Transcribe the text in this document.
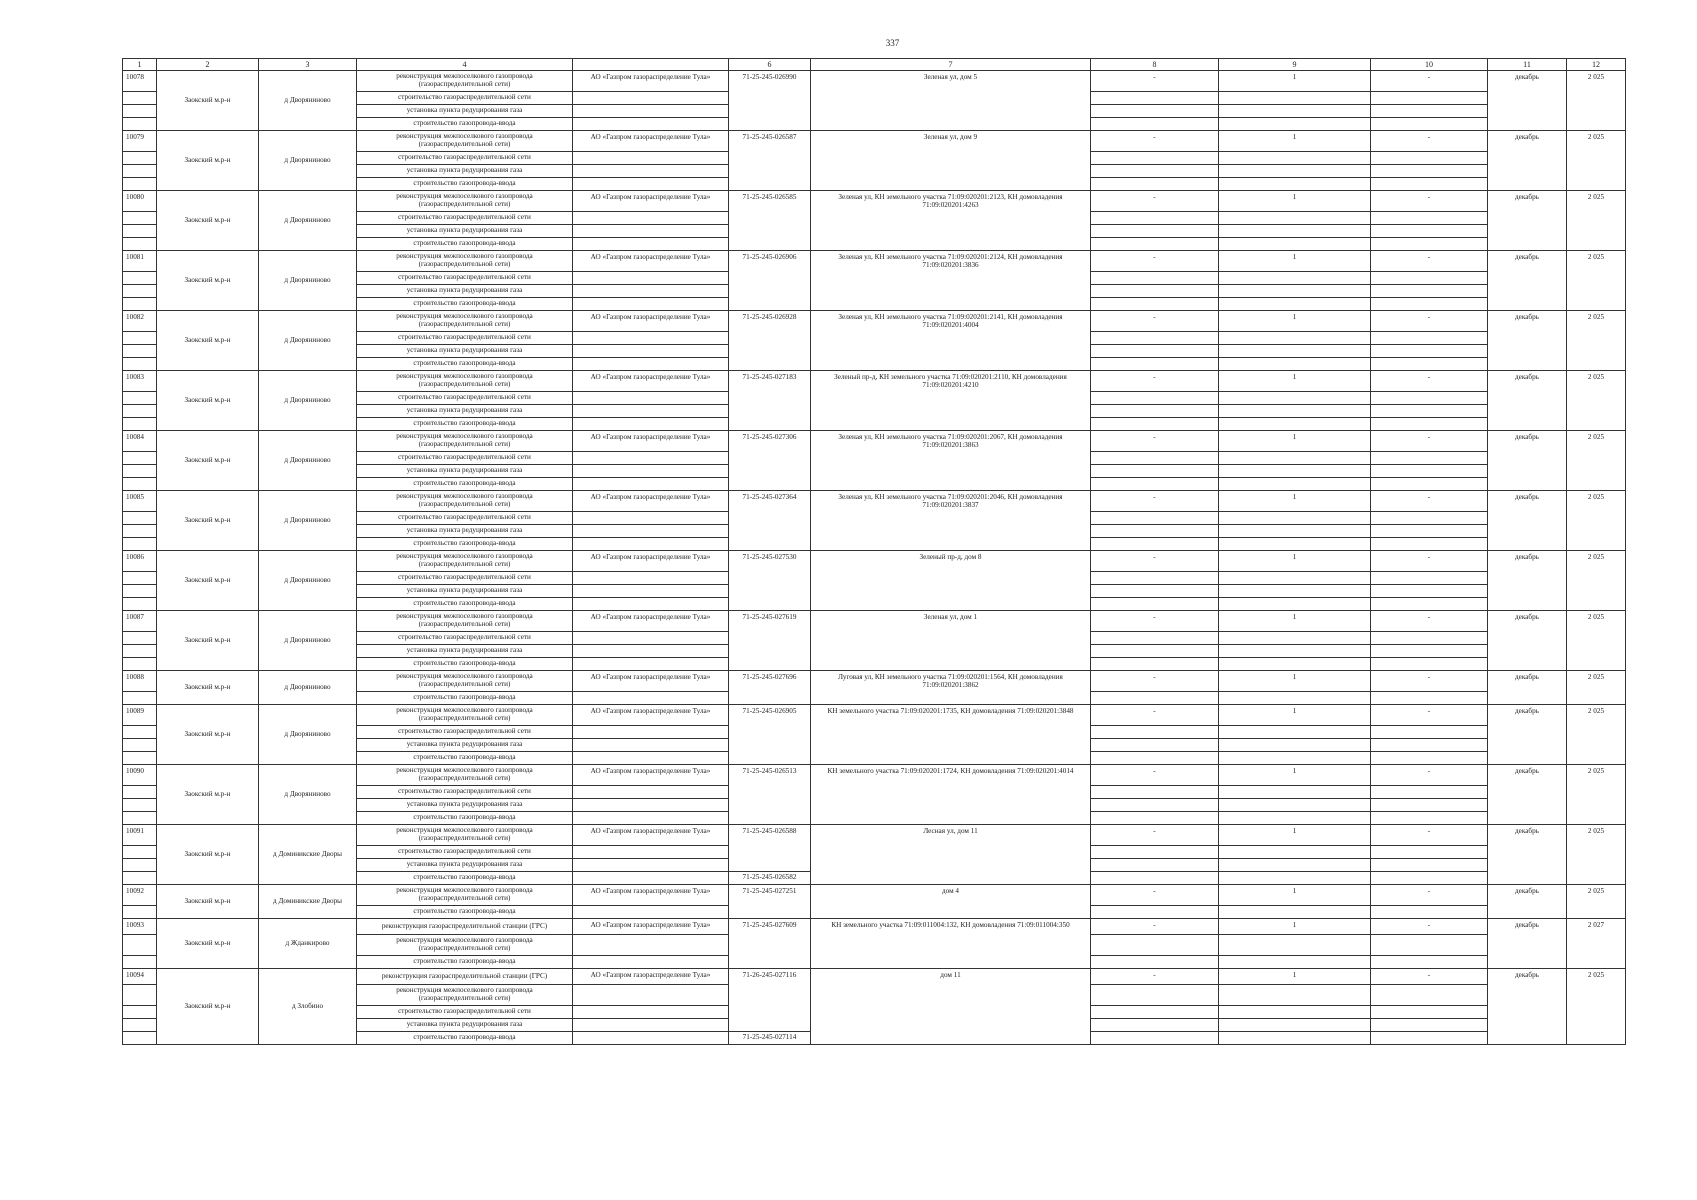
337
1	2	3	4		6	7	8	9	10	11	12
10078	Заокский м.р-н	д Дворяниново	реконструкция межпоселкового газопровода (газораспределительной сети)	АО «Газпром газораспределение Тула»	71-25-245-026990	Зеленая ул, дом 5	-	1	-	декабрь	2 025
			строительство газораспределительной сети								
			установка пункта редуцирования газа								
			строительство газопровода-ввода								
10079	Заокский м.р-н	д Дворяниново	реконструкция межпоселкового газопровода (газораспределительной сети)	АО «Газпром газораспределение Тула»	71-25-245-026587	Зеленая ул, дом 9	-	1	-	декабрь	2 025
			строительство газораспределительной сети								
			установка пункта редуцирования газа								
			строительство газопровода-ввода								
10080	Заокский м.р-н	д Дворяниново	реконструкция межпоселкового газопровода (газораспределительной сети)	АО «Газпром газораспределение Тула»	71-25-245-026585	Зеленая ул, КН земельного участка 71:09:020201:2123, КН домовладения 71:09:020201:4263	-	1	-	декабрь	2 025
			строительство газораспределительной сети								
			установка пункта редуцирования газа								
			строительство газопровода-ввода								
10081	Заокский м.р-н	д Дворяниново	реконструкция межпоселкового газопровода (газораспределительной сети)	АО «Газпром газораспределение Тула»	71-25-245-026906	Зеленая ул, КН земельного участка 71:09:020201:2124, КН домовладения 71:09:020201:3836	-	1	-	декабрь	2 025
			строительство газораспределительной сети								
			установка пункта редуцирования газа								
			строительство газопровода-ввода								
10082	Заокский м.р-н	д Дворяниново	реконструкция межпоселкового газопровода (газораспределительной сети)	АО «Газпром газораспределение Тула»	71-25-245-026928	Зеленая ул, КН земельного участка 71:09:020201:2141, КН домовладения 71:09:020201:4004	-	1	-	декабрь	2 025
			строительство газораспределительной сети								
			установка пункта редуцирования газа								
			строительство газопровода-ввода								
10083	Заокский м.р-н	д Дворяниново	реконструкция межпоселкового газопровода (газораспределительной сети)	АО «Газпром газораспределение Тула»	71-25-245-027183	Зеленый пр-д, КН земельного участка 71:09:020201:2110, КН домовладения 71:09:020201:4210	-	1	-	декабрь	2 025
			строительство газораспределительной сети								
			установка пункта редуцирования газа								
			строительство газопровода-ввода								
10084	Заокский м.р-н	д Дворяниново	реконструкция межпоселкового газопровода (газораспределительной сети)	АО «Газпром газораспределение Тула»	71-25-245-027306	Зеленая ул, КН земельного участка 71:09:020201:2067, КН домовладения 71:09:020201:3863	-	1	-	декабрь	2 025
			строительство газораспределительной сети								
			установка пункта редуцирования газа								
			строительство газопровода-ввода								
10085	Заокский м.р-н	д Дворяниново	реконструкция межпоселкового газопровода (газораспределительной сети)	АО «Газпром газораспределение Тула»	71-25-245-027364	Зеленая ул, КН земельного участка 71:09:020201:2046, КН домовладения 71:09:020201:3837	-	1	-	декабрь	2 025
			строительство газораспределительной сети								
			установка пункта редуцирования газа								
			строительство газопровода-ввода								
10086	Заокский м.р-н	д Дворяниново	реконструкция межпоселкового газопровода (газораспределительной сети)	АО «Газпром газораспределение Тула»	71-25-245-027530	Зеленый пр-д, дом 8	-	1	-	декабрь	2 025
			строительство газораспределительной сети								
			установка пункта редуцирования газа								
			строительство газопровода-ввода								
10087	Заокский м.р-н	д Дворяниново	реконструкция межпоселкового газопровода (газораспределительной сети)	АО «Газпром газораспределение Тула»	71-25-245-027619	Зеленая ул, дом 1	-	1	-	декабрь	2 025
			строительство газораспределительной сети								
			установка пункта редуцирования газа								
			строительство газопровода-ввода								
10088	Заокский м.р-н	д Дворяниново	реконструкция межпоселкового газопровода (газораспределительной сети)	АО «Газпром газораспределение Тула»	71-25-245-027696	Луговая ул, КН земельного участка 71:09:020201:1564, КН домовладения 71:09:020201:3862	-	1	-	декабрь	2 025
			строительство газопровода-ввода								
10089	Заокский м.р-н	д Дворяниново	реконструкция межпоселкового газопровода (газораспределительной сети)	АО «Газпром газораспределение Тула»	71-25-245-026905	КН земельного участка 71:09:020201:1735, КН домовладения 71:09:020201:3848	-	1	-	декабрь	2 025
			строительство газораспределительной сети								
			установка пункта редуцирования газа								
			строительство газопровода-ввода								
10090	Заокский м.р-н	д Дворяниново	реконструкция межпоселкового газопровода (газораспределительной сети)	АО «Газпром газораспределение Тула»	71-25-245-026513	КН земельного участка 71:09:020201:1724, КН домовладения 71:09:020201:4014	-	1	-	декабрь	2 025
			строительство газораспределительной сети								
			установка пункта редуцирования газа								
			строительство газопровода-ввода								
10091	Заокский м.р-н	д Доминикские Дворы	реконструкция межпоселкового газопровода (газораспределительной сети)	АО «Газпром газораспределение Тула»	71-25-245-026588	Лесная ул, дом 11	-	1	-	декабрь	2 025
			строительство газораспределительной сети								
			установка пункта редуцирования газа								
			строительство газопровода-ввода		71-25-245-026582						
10092	Заокский м.р-н	д Доминикские Дворы	реконструкция межпоселкового газопровода (газораспределительной сети)	АО «Газпром газораспределение Тула»	71-25-245-027251	дом 4	-	1	-	декабрь	2 025
			строительство газопровода-ввода								
10093	Заокский м.р-н	д Жданкирово	реконструкция газораспределительной станции (ГРС)	АО «Газпром газораспределение Тула»	71-25-245-027609	КН земельного участка 71:09:011004:132, КН домовладения 71:09:011004:350	-	1	-	декабрь	2 027
			реконструкция межпоселкового газопровода (газораспределительной сети)								
			строительство газопровода-ввода								
10094	Заокский м.р-н	д Злобино	реконструкция газораспределительной станции (ГРС)	АО «Газпром газораспределение Тула»	71-26-245-027116	дом 11	-	1	-	декабрь	2 025
			реконструкция межпоселкового газопровода (газораспределительной сети)								
			строительство газораспределительной сети								
			установка пункта редуцирования газа								
			строительство газопровода-ввода		71-25-245-027114						
